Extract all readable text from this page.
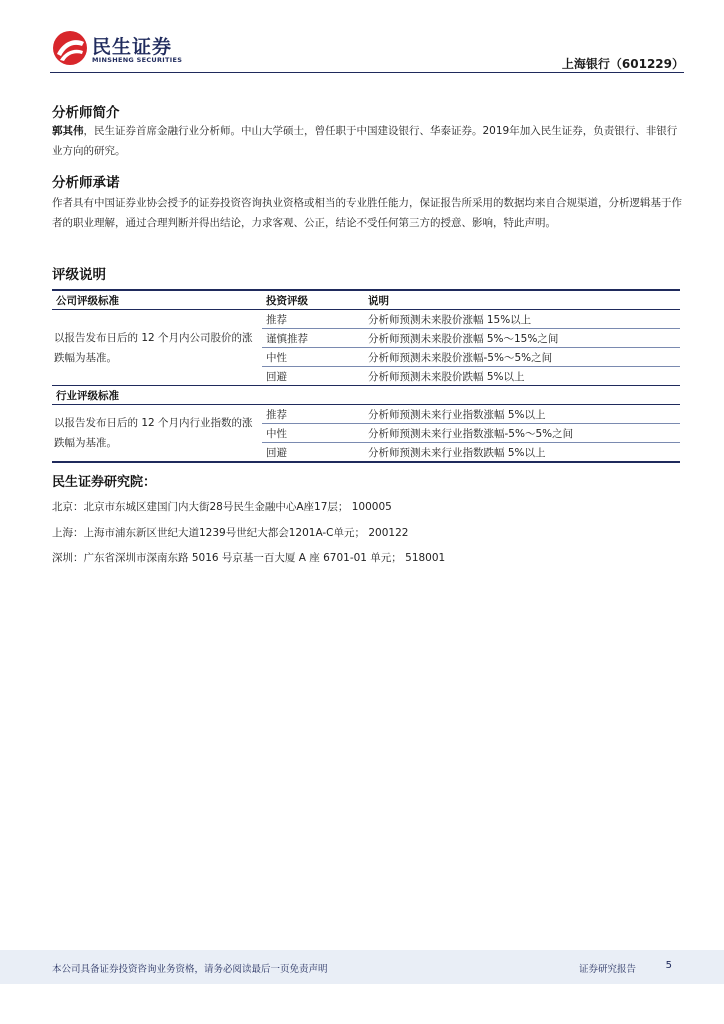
民生证券
MINSHENG SECURITIES	上海银行（601229）
分析师简介
郭其伟，民生证券首席金融行业分析师。中山大学硕士，曾任职于中国建设银行、华泰证券。2019年加入民生证券，负责银行、非银行业方向的研究。
分析师承诺
作者具有中国证券业协会授予的证券投资咨询执业资格或相当的专业胜任能力，保证报告所采用的数据均来自合规渠道，分析逻辑基于作者的职业理解，通过合理判断并得出结论，力求客观、公正，结论不受任何第三方的授意、影响，特此声明。
评级说明
公司评级标准	投资评级	说明
以报告发布日后的 12 个月内公司股价的涨跌幅为基准。	推荐	分析师预测未来股价涨幅 15%以上
	谨慎推荐	分析师预测未来股价涨幅 5%～15%之间
	中性	分析师预测未来股价涨幅-5%～5%之间
	回避	分析师预测未来股价跌幅 5%以上
行业评级标准		
以报告发布日后的 12 个月内行业指数的涨跌幅为基准。	推荐	分析师预测未来行业指数涨幅 5%以上
	中性	分析师预测未来行业指数涨幅-5%～5%之间
	回避	分析师预测未来行业指数跌幅 5%以上
民生证券研究院：
北京：北京市东城区建国门内大街28号民生金融中心A座17层； 100005
上海：上海市浦东新区世纪大道1239号世纪大都会1201A-C单元； 200122
深圳：广东省深圳市深南东路 5016 号京基一百大厦 A 座 6701-01 单元； 518001
本公司具备证券投资咨询业务资格，请务必阅读最后一页免责声明	证券研究报告	5
